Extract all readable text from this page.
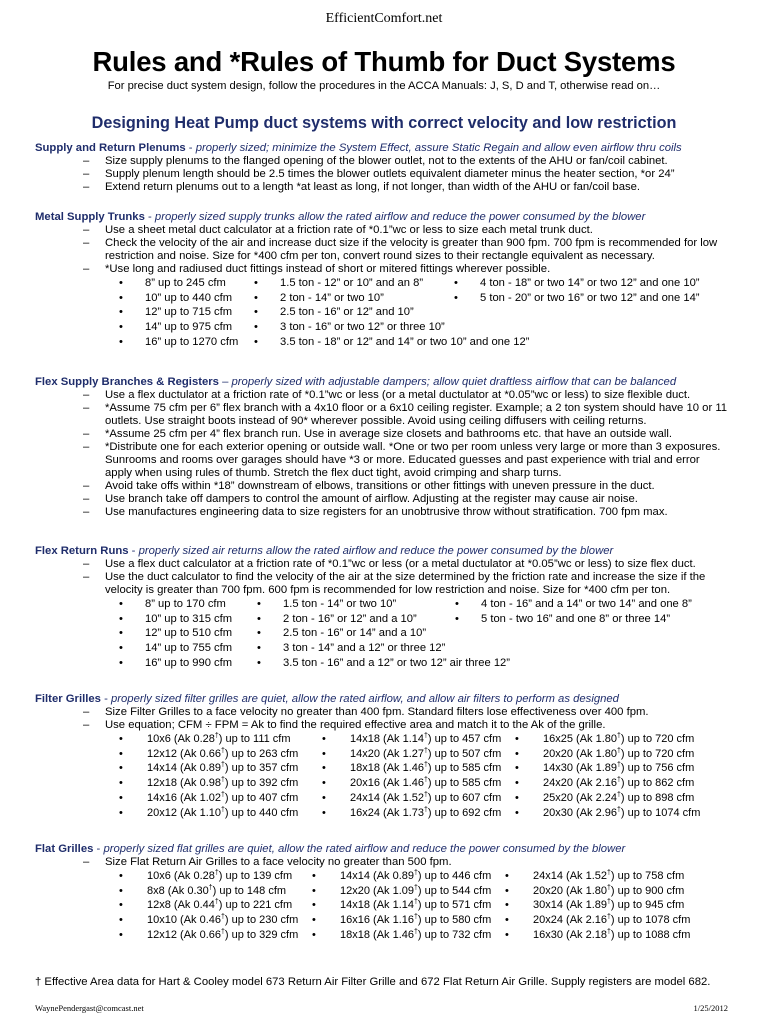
EfficientComfort.net
Rules and *Rules of Thumb for Duct Systems
For precise duct system design, follow the procedures in the ACCA Manuals: J, S, D and T, otherwise read on…
Designing Heat Pump duct systems with correct velocity and low restriction
Supply and Return Plenums - properly sized; minimize the System Effect, assure Static Regain and allow even airflow thru coils
– Size supply plenums to the flanged opening of the blower outlet, not to the extents of the AHU or fan/coil cabinet.
– Supply plenum length should be 2.5 times the blower outlets equivalent diameter minus the heater section, *or 24”
– Extend return plenums out to a length *at least as long, if not longer, than width of the AHU or fan/coil base.
Metal Supply Trunks - properly sized supply trunks allow the rated airflow and reduce the power consumed by the blower
– Use a sheet metal duct calculator at a friction rate of *0.1”wc or less to size each metal trunk duct.
– Check the velocity of the air and increase duct size if the velocity is greater than 900 fpm. 700 fpm is recommended for low restriction and noise. Size for *400 cfm per ton, convert round sizes to their rectangle equivalent as necessary.
– *Use long and radiused duct fittings instead of short or mitered fittings wherever possible.
• 8” up to 245 cfm	• 1.5 ton - 12” or 10” and an 8”	• 4 ton - 18” or two 14” or two 12” and one 10”
• 10” up to 440 cfm	• 2 ton - 14” or two 10”	• 5 ton - 20” or two 16” or two 12” and one 14”
• 12” up to 715 cfm	• 2.5 ton - 16” or 12” and 10”
• 14” up to 975 cfm	• 3 ton - 16” or two 12” or three 10”
• 16” up to 1270 cfm	• 3.5 ton - 18” or 12” and 14” or two 10” and one 12”
Flex Supply Branches & Registers – properly sized with adjustable dampers; allow quiet draftless airflow that can be balanced
– Use a flex ductulator at a friction rate of *0.1”wc or less (or a metal ductulator at *0.05”wc or less) to size flexible duct.
– *Assume 75 cfm per 6” flex branch with a 4x10 floor or a 6x10 ceiling register. Example; a 2 ton system should have 10 or 11 outlets. Use straight boots instead of 90* wherever possible. Avoid using ceiling diffusers with ceiling returns.
– *Assume 25 cfm per 4” flex branch run. Use in average size closets and bathrooms etc. that have an outside wall.
– *Distribute one for each exterior opening or outside wall. *One or two per room unless very large or more than 3 exposures. Sunrooms and rooms over garages should have *3 or more. Educated guesses and past experience with trial and error apply when using rules of thumb. Stretch the flex duct tight, avoid crimping and sharp turns.
– Avoid take offs within *18” downstream of elbows, transitions or other fittings with uneven pressure in the duct.
– Use branch take off dampers to control the amount of airflow. Adjusting at the register may cause air noise.
– Use manufactures engineering data to size registers for an unobtrusive throw without stratification. 700 fpm max.
Flex Return Runs - properly sized air returns allow the rated airflow and reduce the power consumed by the blower
– Use a flex duct calculator at a friction rate of *0.1”wc or less (or a metal ductulator at *0.05”wc or less) to size flex duct.
– Use the duct calculator to find the velocity of the air at the size determined by the friction rate and increase the size if the velocity is greater than 700 fpm. 600 fpm is recommended for low restriction and noise. Size for *400 cfm per ton.
• 8” up to 170 cfm	• 1.5 ton - 14” or two 10”	• 4 ton - 16” and a 14” or two 14” and one 8”
• 10” up to 315 cfm	• 2 ton - 16” or 12” and a 10”	• 5 ton - two 16” and one 8” or three 14”
• 12” up to 510 cfm	• 2.5 ton - 16” or 14” and a 10”
• 14” up to 755 cfm	• 3 ton - 14” and a 12” or three 12”
• 16” up to 990 cfm	• 3.5 ton - 16” and a 12” or two 12” air three 12”
Filter Grilles - properly sized filter grilles are quiet, allow the rated airflow, and allow air filters to perform as designed
– Size Filter Grilles to a face velocity no greater than 400 fpm. Standard filters lose effectiveness over 400 fpm.
– Use equation; CFM ÷ FPM = Ak to find the required effective area and match it to the Ak of the grille.
• 10x6 (Ak 0.28†) up to 111 cfm	• 14x18 (Ak 1.14†) up to 457 cfm	• 16x25 (Ak 1.80†) up to 720 cfm
• 12x12 (Ak 0.66†) up to 263 cfm	• 14x20 (Ak 1.27†) up to 507 cfm	• 20x20 (Ak 1.80†) up to 720 cfm
• 14x14 (Ak 0.89†) up to 357 cfm	• 18x18 (Ak 1.46†) up to 585 cfm	• 14x30 (Ak 1.89†) up to 756 cfm
• 12x18 (Ak 0.98†) up to 392 cfm	• 20x16 (Ak 1.46†) up to 585 cfm	• 24x20 (Ak 2.16†) up to 862 cfm
• 14x16 (Ak 1.02†) up to 407 cfm	• 24x14 (Ak 1.52†) up to 607 cfm	• 25x20 (Ak 2.24†) up to 898 cfm
• 20x12 (Ak 1.10†) up to 440 cfm	• 16x24 (Ak 1.73†) up to 692 cfm	• 20x30 (Ak 2.96†) up to 1074 cfm
Flat Grilles - properly sized flat grilles are quiet, allow the rated airflow and reduce the power consumed by the blower
– Size Flat Return Air Grilles to a face velocity no greater than 500 fpm.
• 10x6 (Ak 0.28†) up to 139 cfm	• 14x14 (Ak 0.89†) up to 446 cfm	• 24x14 (Ak 1.52†) up to 758 cfm
• 8x8 (Ak 0.30†) up to 148 cfm	• 12x20 (Ak 1.09†) up to 544 cfm	• 20x20 (Ak 1.80†) up to 900 cfm
• 12x8 (Ak 0.44†) up to 221 cfm	• 14x18 (Ak 1.14†) up to 571 cfm	• 30x14 (Ak 1.89†) up to 945 cfm
• 10x10 (Ak 0.46†) up to 230 cfm	• 16x16 (Ak 1.16†) up to 580 cfm	• 20x24 (Ak 2.16†) up to 1078 cfm
• 12x12 (Ak 0.66†) up to 329 cfm	• 18x18 (Ak 1.46†) up to 732 cfm	• 16x30 (Ak 2.18†) up to 1088 cfm
† Effective Area data for Hart & Cooley model 673 Return Air Filter Grille and 672 Flat Return Air Grille. Supply registers are model 682.
WaynePendergast@comcast.net	1/25/2012
